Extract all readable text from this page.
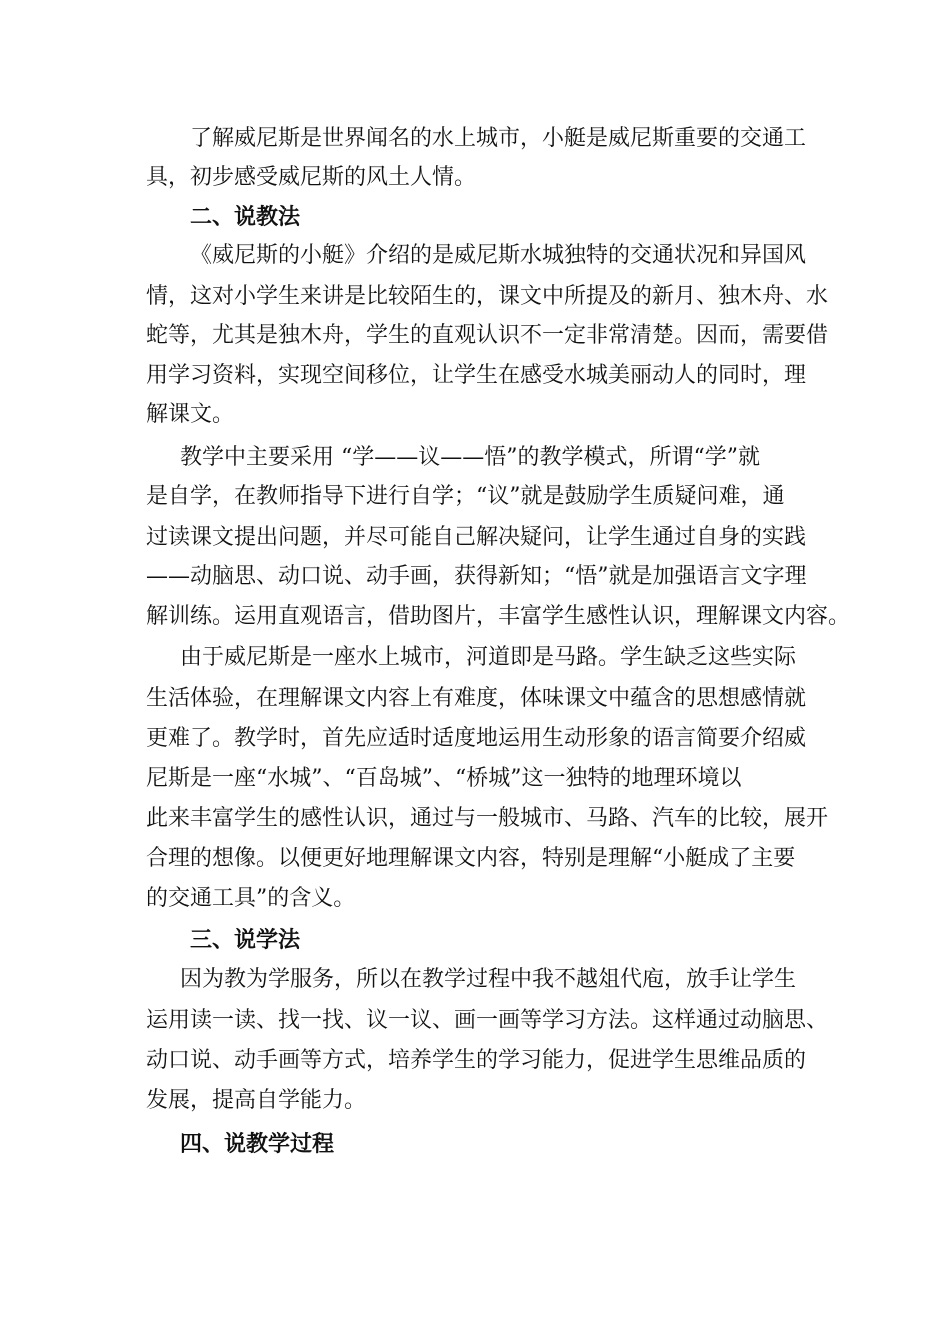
了解威尼斯是世界闻名的水上城市，小艇是威尼斯重要的交通工
具，初步感受威尼斯的风土人情。
二、说教法
《威尼斯的小艇》介绍的是威尼斯水城独特的交通状况和异国风
情，这对小学生来讲是比较陌生的，课文中所提及的新月、独木舟、水
蛇等，尤其是独木舟，学生的直观认识不一定非常清楚。因而，需要借
用学习资料，实现空间移位，让学生在感受水城美丽动人的同时，理
解课文。
教学中主要采用 “学——议——悟”的教学模式，所谓“学”就
是自学，在教师指导下进行自学；“议”就是鼓励学生质疑问难，通
过读课文提出问题，并尽可能自己解决疑问，让学生通过自身的实践
——动脑思、动口说、动手画，获得新知；“悟”就是加强语言文字理
解训练。运用直观语言，借助图片，丰富学生感性认识，理解课文内容。
由于威尼斯是一座水上城市，河道即是马路。学生缺乏这些实际
生活体验，在理解课文内容上有难度，体味课文中蕴含的思想感情就
更难了。教学时，首先应适时适度地运用生动形象的语言简要介绍威
尼斯是一座“水城”、“百岛城”、“桥城”这一独特的地理环境以
此来丰富学生的感性认识，通过与一般城市、马路、汽车的比较，展开
合理的想像。以便更好地理解课文内容，特别是理解“小艇成了主要
的交通工具”的含义。
三、说学法
因为教为学服务，所以在教学过程中我不越俎代庖，放手让学生
运用读一读、找一找、议一议、画一画等学习方法。这样通过动脑思、
动口说、动手画等方式，培养学生的学习能力，促进学生思维品质的
发展，提高自学能力。
四、说教学过程
